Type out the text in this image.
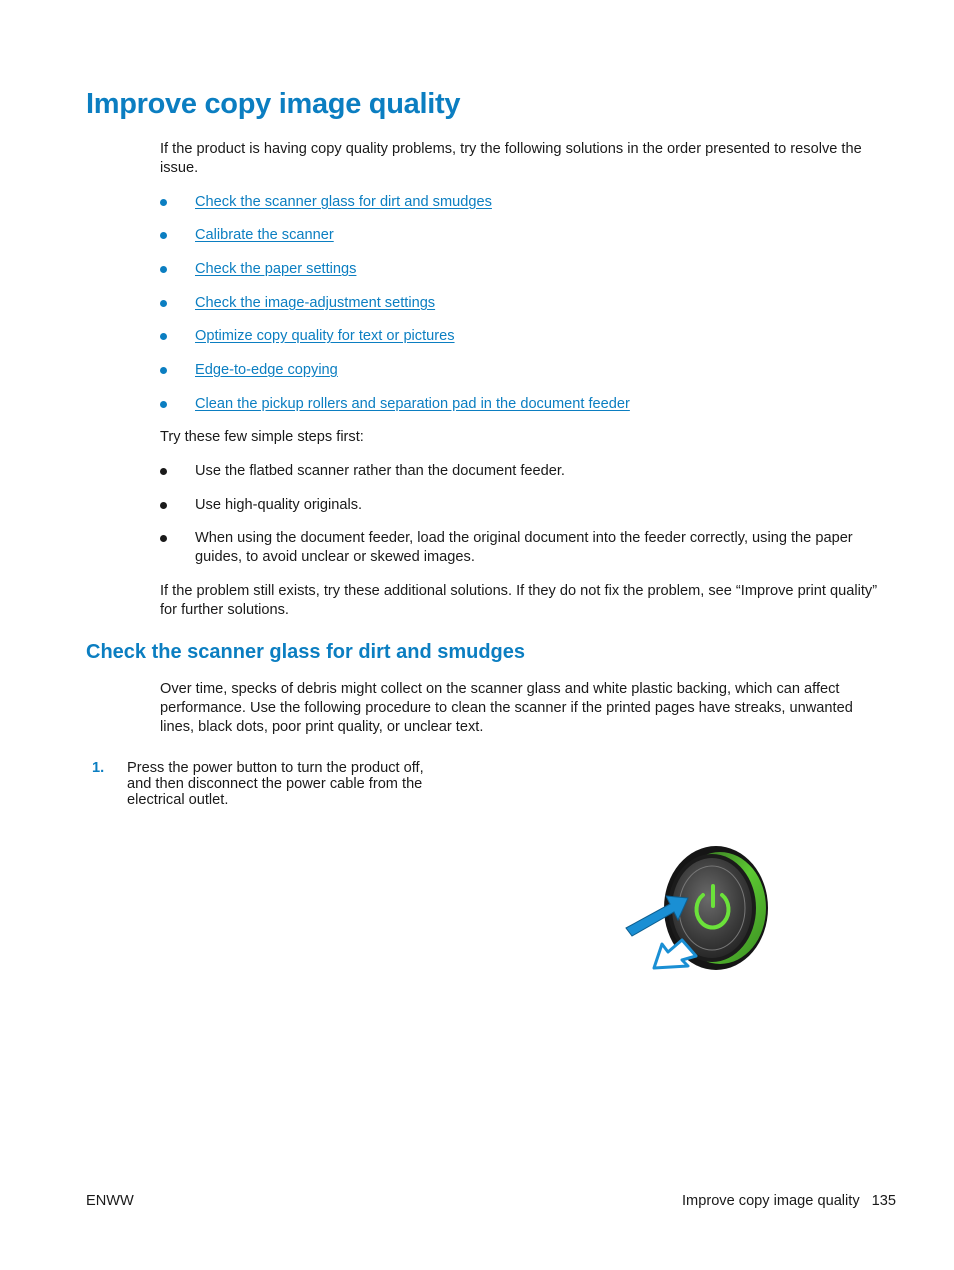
Improve copy image quality
If the product is having copy quality problems, try the following solutions in the order presented to resolve the issue.
Check the scanner glass for dirt and smudges
Calibrate the scanner
Check the paper settings
Check the image-adjustment settings
Optimize copy quality for text or pictures
Edge-to-edge copying
Clean the pickup rollers and separation pad in the document feeder
Try these few simple steps first:
Use the flatbed scanner rather than the document feeder.
Use high-quality originals.
When using the document feeder, load the original document into the feeder correctly, using the paper guides, to avoid unclear or skewed images.
If the problem still exists, try these additional solutions. If they do not fix the problem, see “Improve print quality” for further solutions.
Check the scanner glass for dirt and smudges
Over time, specks of debris might collect on the scanner glass and white plastic backing, which can affect performance. Use the following procedure to clean the scanner if the printed pages have streaks, unwanted lines, black dots, poor print quality, or unclear text.
1. Press the power button to turn the product off, and then disconnect the power cable from the electrical outlet.
ENWW	Improve copy image quality 135
